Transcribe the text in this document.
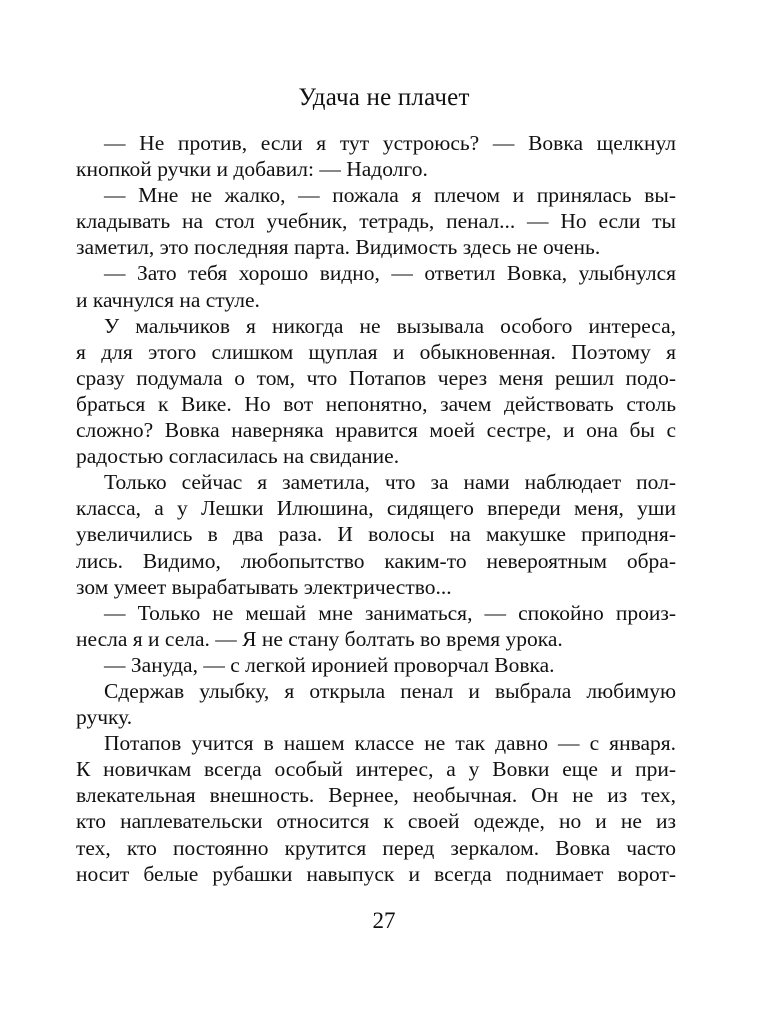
Удача не плачет
— Не против, если я тут устроюсь? — Вовка щелкнул
кнопкой ручки и добавил: — Надолго.
— Мне не жалко, — пожала я плечом и принялась вы-
кладывать на стол учебник, тетрадь, пенал... — Но если ты
заметил, это последняя парта. Видимость здесь не очень.
— Зато тебя хорошо видно, — ответил Вовка, улыбнулся
и качнулся на стуле.
У мальчиков я никогда не вызывала особого интереса,
я для этого слишком щуплая и обыкновенная. Поэтому я
сразу подумала о том, что Потапов через меня решил подо-
браться к Вике. Но вот непонятно, зачем действовать столь
сложно? Вовка наверняка нравится моей сестре, и она бы с
радостью согласилась на свидание.
Только сейчас я заметила, что за нами наблюдает пол-
класса, а у Лешки Илюшина, сидящего впереди меня, уши
увеличились в два раза. И волосы на макушке приподня-
лись. Видимо, любопытство каким-то невероятным обра-
зом умеет вырабатывать электричество...
— Только не мешай мне заниматься, — спокойно произ-
несла я и села. — Я не стану болтать во время урока.
— Зануда, — с легкой иронией проворчал Вовка.
Сдержав улыбку, я открыла пенал и выбрала любимую
ручку.
Потапов учится в нашем классе не так давно — с января.
К новичкам всегда особый интерес, а у Вовки еще и при-
влекательная внешность. Вернее, необычная. Он не из тех,
кто наплевательски относится к своей одежде, но и не из
тех, кто постоянно крутится перед зеркалом. Вовка часто
носит белые рубашки навыпуск и всегда поднимает ворот-
27
